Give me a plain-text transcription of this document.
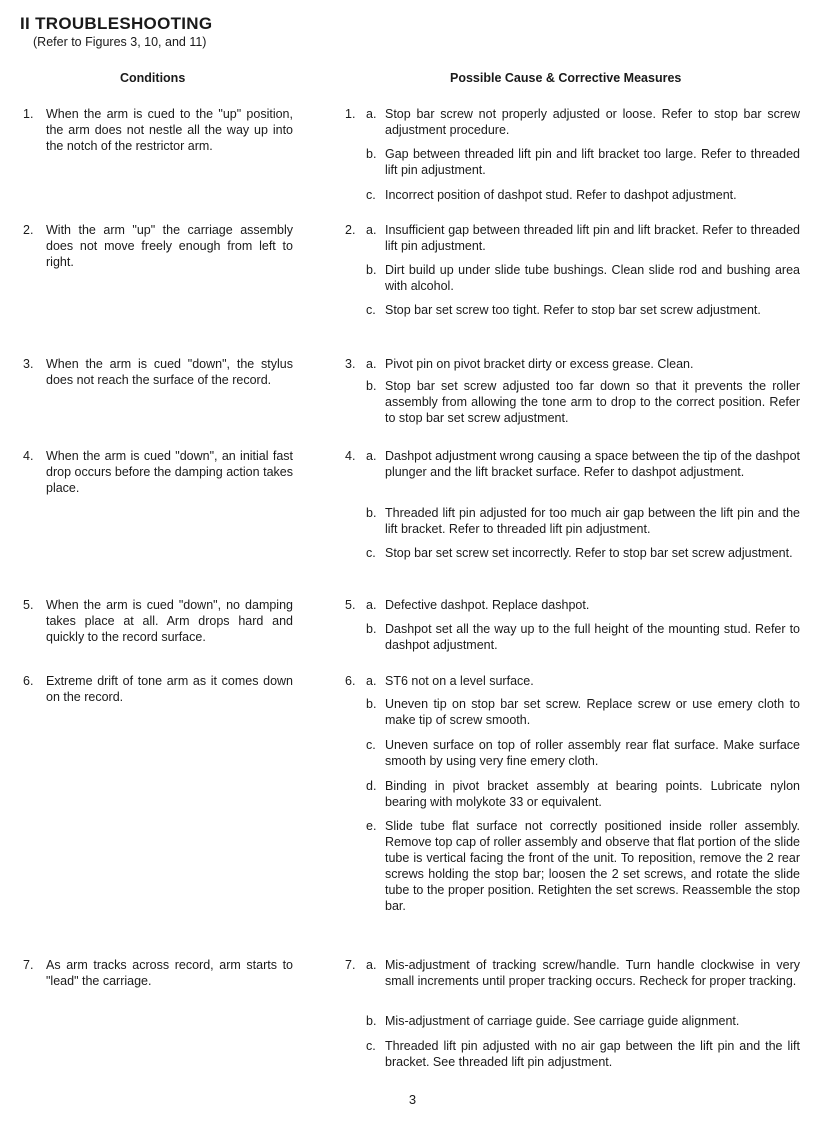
II TROUBLESHOOTING
(Refer to Figures 3, 10, and 11)
Conditions	Possible Cause & Corrective Measures
1. When the arm is cued to the "up" position, the arm does not nestle all the way up into the notch of the restrictor arm.
2. With the arm "up" the carriage assembly does not move freely enough from left to right.
3. When the arm is cued "down", the stylus does not reach the surface of the record.
4. When the arm is cued "down", an initial fast drop occurs before the damping action takes place.
5. When the arm is cued "down", no damping takes place at all. Arm drops hard and quickly to the record surface.
6. Extreme drift of tone arm as it comes down on the record.
7. As arm tracks across record, arm starts to "lead" the carriage.
1. a. Stop bar screw not properly adjusted or loose. Refer to stop bar screw adjustment procedure.
b. Gap between threaded lift pin and lift bracket too large. Refer to threaded lift pin adjustment.
c. Incorrect position of dashpot stud. Refer to dashpot adjustment.
2. a. Insufficient gap between threaded lift pin and lift bracket. Refer to threaded lift pin adjustment.
b. Dirt build up under slide tube bushings. Clean slide rod and bushing area with alcohol.
c. Stop bar set screw too tight. Refer to stop bar set screw adjustment.
3. a. Pivot pin on pivot bracket dirty or excess grease. Clean.
b. Stop bar set screw adjusted too far down so that it prevents the roller assembly from allowing the tone arm to drop to the correct position. Refer to stop bar set screw adjustment.
4. a. Dashpot adjustment wrong causing a space between the tip of the dashpot plunger and the lift bracket surface. Refer to dashpot adjustment.
b. Threaded lift pin adjusted for too much air gap between the lift pin and the lift bracket. Refer to threaded lift pin adjustment.
c. Stop bar set screw set incorrectly. Refer to stop bar set screw adjustment.
5. a. Defective dashpot. Replace dashpot.
b. Dashpot set all the way up to the full height of the mounting stud. Refer to dashpot adjustment.
6. a. ST6 not on a level surface.
b. Uneven tip on stop bar set screw. Replace screw or use emery cloth to make tip of screw smooth.
c. Uneven surface on top of roller assembly rear flat surface. Make surface smooth by using very fine emery cloth.
d. Binding in pivot bracket assembly at bearing points. Lubricate nylon bearing with molykote 33 or equivalent.
e. Slide tube flat surface not correctly positioned inside roller assembly. Remove top cap of roller assembly and observe that flat portion of the slide tube is vertical facing the front of the unit. To reposition, remove the 2 rear screws holding the stop bar; loosen the 2 set screws, and rotate the slide tube to the proper position. Retighten the set screws. Reassemble the stop bar.
7. a. Mis-adjustment of tracking screw/handle. Turn handle clockwise in very small increments until proper tracking occurs. Recheck for proper tracking.
b. Mis-adjustment of carriage guide. See carriage guide alignment.
c. Threaded lift pin adjusted with no air gap between the lift pin and the lift bracket. See threaded lift pin adjustment.
3
